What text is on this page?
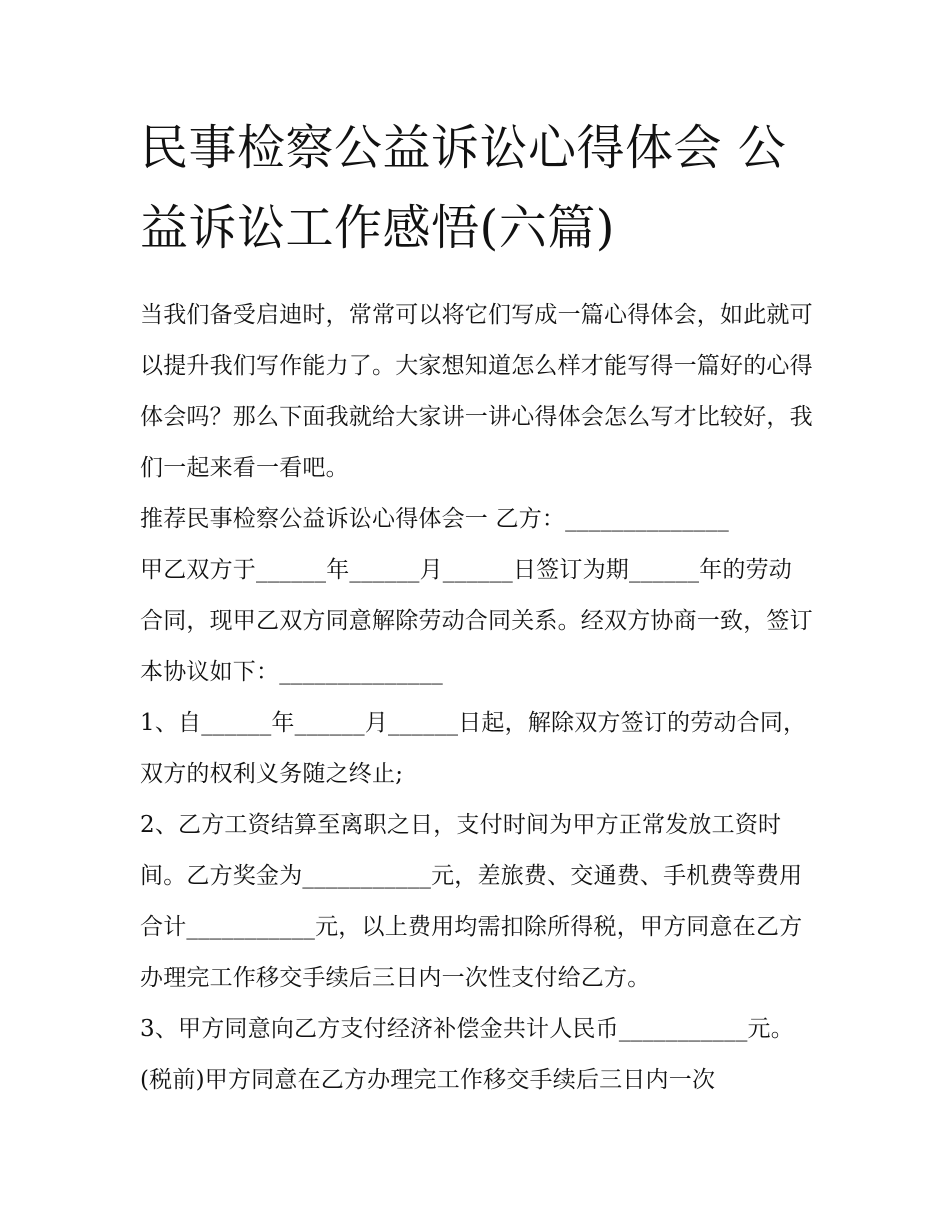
民事检察公益诉讼心得体会 公益诉讼工作感悟(六篇)

当我们备受启迪时，常常可以将它们写成一篇心得体会，如此就可以提升我们写作能力了。大家想知道怎么样才能写得一篇好的心得体会吗？那么下面我就给大家讲一讲心得体会怎么写才比较好，我们一起来看一看吧。

推荐民事检察公益诉讼心得体会一 乙方：______________

甲乙双方于______年______月______日签订为期______年的劳动合同，现甲乙双方同意解除劳动合同关系。经双方协商一致，签订本协议如下：______________

1、自______年______月______日起，解除双方签订的劳动合同，双方的权利义务随之终止;

2、乙方工资结算至离职之日，支付时间为甲方正常发放工资时间。乙方奖金为___________元，差旅费、交通费、手机费等费用合计___________元，以上费用均需扣除所得税，甲方同意在乙方办理完工作移交手续后三日内一次性支付给乙方。

3、甲方同意向乙方支付经济补偿金共计人民币___________元。(税前)甲方同意在乙方办理完工作移交手续后三日内一次
